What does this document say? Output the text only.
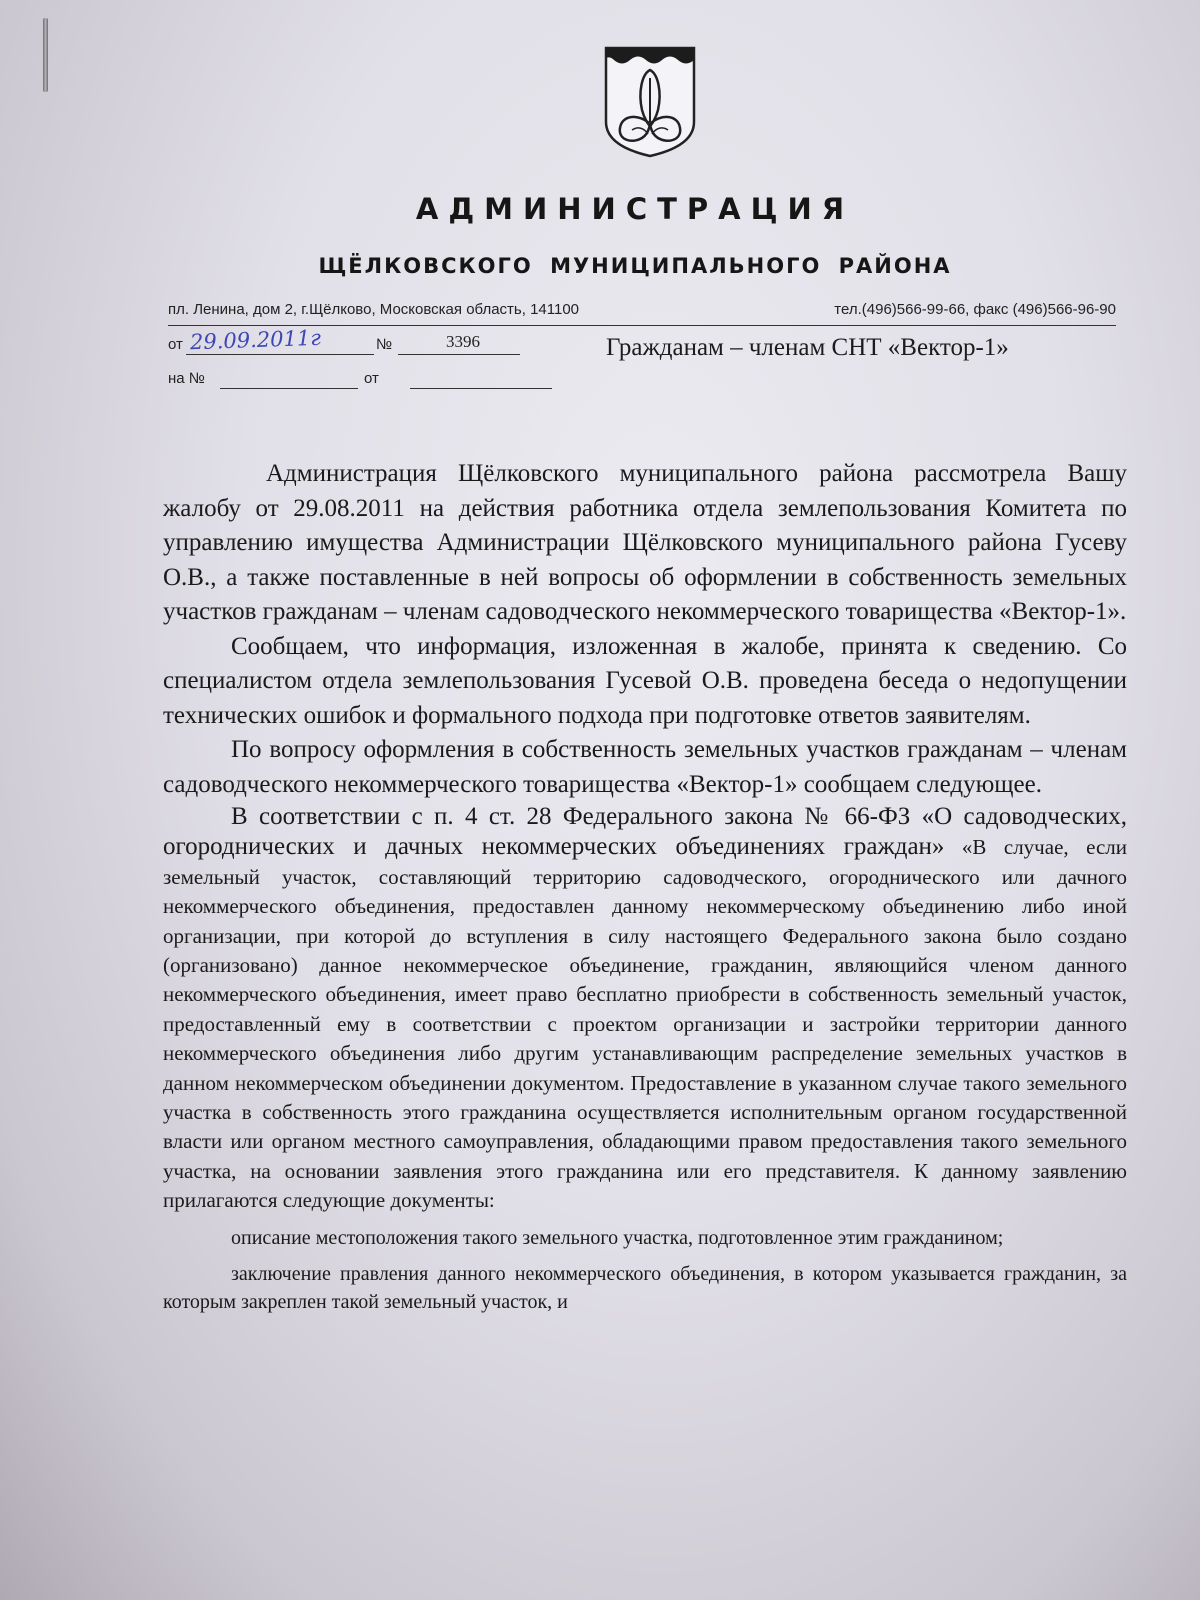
АДМИНИСТРАЦИЯ
ЩЁЛКОВСКОГО МУНИЦИПАЛЬНОГО РАЙОНА
пл. Ленина, дом 2, г.Щёлково, Московская область, 141100	тел.(496)566-99-66, факс (496)566-96-90
от 29.09.2011г	№	3396
на №	от
Гражданам – членам СНТ «Вектор-1»

Администрация Щёлковского муниципального района рассмотрела Вашу жалобу от 29.08.2011 на действия работника отдела землепользования Комитета по управлению имущества Администрации Щёлковского муниципального района Гусеву О.В., а также поставленные в ней вопросы об оформлении в собственность земельных участков гражданам – членам садоводческого некоммерческого товарищества «Вектор-1».

Сообщаем, что информация, изложенная в жалобе, принята к сведению. Со специалистом отдела землепользования Гусевой О.В. проведена беседа о недопущении технических ошибок и формального подхода при подготовке ответов заявителям.

По вопросу оформления в собственность земельных участков гражданам – членам садоводческого некоммерческого товарищества «Вектор-1» сообщаем следующее.

В соответствии с п. 4 ст. 28 Федерального закона № 66-ФЗ «О садоводческих, огороднических и дачных некоммерческих объединениях граждан» «В случае, если земельный участок, составляющий территорию садоводческого, огороднического или дачного некоммерческого объединения, предоставлен данному некоммерческому объединению либо иной организации, при которой до вступления в силу настоящего Федерального закона было создано (организовано) данное некоммерческое объединение, гражданин, являющийся членом данного некоммерческого объединения, имеет право бесплатно приобрести в собственность земельный участок, предоставленный ему в соответствии с проектом организации и застройки территории данного некоммерческого объединения либо другим устанавливающим распределение земельных участков в данном некоммерческом объединении документом. Предоставление в указанном случае такого земельного участка в собственность этого гражданина осуществляется исполнительным органом государственной власти или органом местного самоуправления, обладающими правом предоставления такого земельного участка, на основании заявления этого гражданина или его представителя. К данному заявлению прилагаются следующие документы:

описание местоположения такого земельного участка, подготовленное этим гражданином;

заключение правления данного некоммерческого объединения, в котором указывается гражданин, за которым закреплен такой земельный участок, и
